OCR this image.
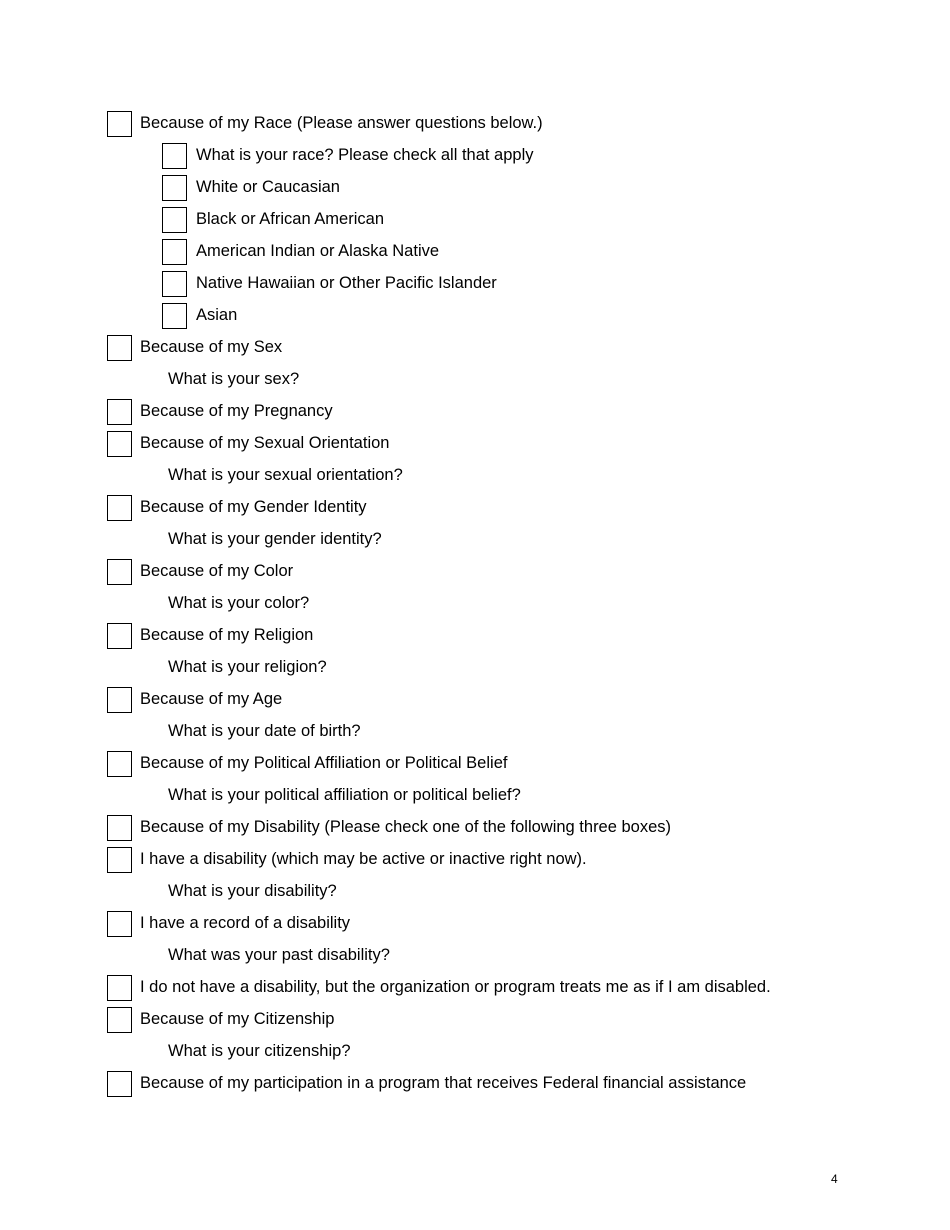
Because of my Race (Please answer questions below.)
What is your race? Please check all that apply
White or Caucasian
Black or African American
American Indian or Alaska Native
Native Hawaiian or Other Pacific Islander
Asian
Because of my Sex
What is your sex?
Because of my Pregnancy
Because of my Sexual Orientation
What is your sexual orientation?
Because of my Gender Identity
What is your gender identity?
Because of my Color
What is your color?
Because of my Religion
What is your religion?
Because of my Age
What is your date of birth?
Because of my Political Affiliation or Political Belief
What is your political affiliation or political belief?
Because of my Disability (Please check one of the following three boxes)
I have a disability (which may be active or inactive right now).
What is your disability?
I have a record of a disability
What was your past disability?
I do not have a disability, but the organization or program treats me as if I am disabled.
Because of my Citizenship
What is your citizenship?
Because of my participation in a program that receives Federal financial assistance
4
